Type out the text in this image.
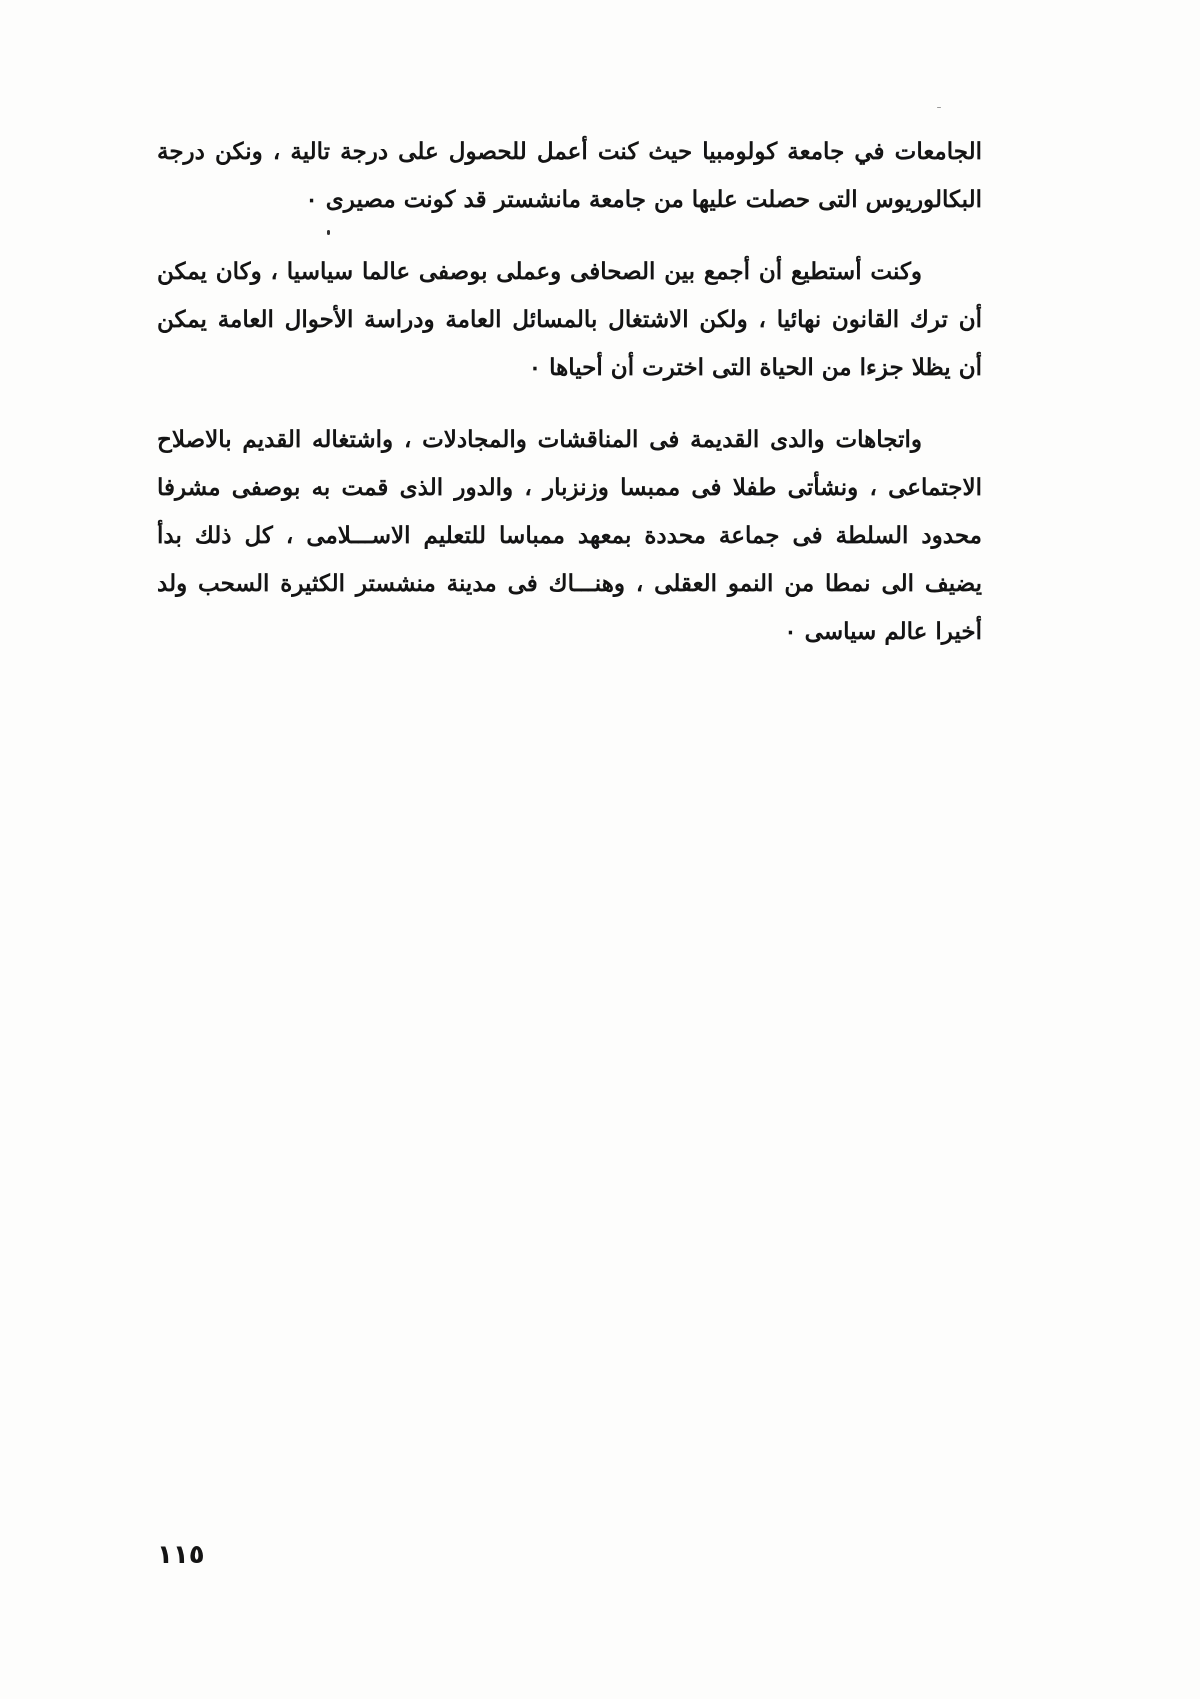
الجامعات في جامعة كولومبيا حيث كنت أعمل للحصول على درجة تالية ، ونكن درجة
البكالوريوس التى حصلت عليها من جامعة مانشستر قد كونت مصيرى ٠
وكنت أستطيع أن أجمع بين الصحافى وعملى بوصفى عالما سياسيا ، وكان يمكن
أن ترك القانون نهائيا ، ولكن الاشتغال بالمسائل العامة ودراسة الأحوال العامة يمكن
أن يظلا جزءا من الحياة التى اخترت أن أحياها ٠
واتجاهات والدى القديمة فى المناقشات والمجادلات ، واشتغاله القديم بالاصلاح
الاجتماعى ، ونشأتى طفلا فى ممبسا وزنزبار ، والدور الذى قمت به بوصفى مشرفا
محدود السلطة فى جماعة محددة بمعهد ممباسا للتعليم الاســـلامى ، كل ذلك بدأ
يضيف الى نمطا من النمو العقلى ، وهنـــاك فى مدينة منشستر الكثيرة السحب ولد
أخيرا عالم سياسى ٠
١١٥
